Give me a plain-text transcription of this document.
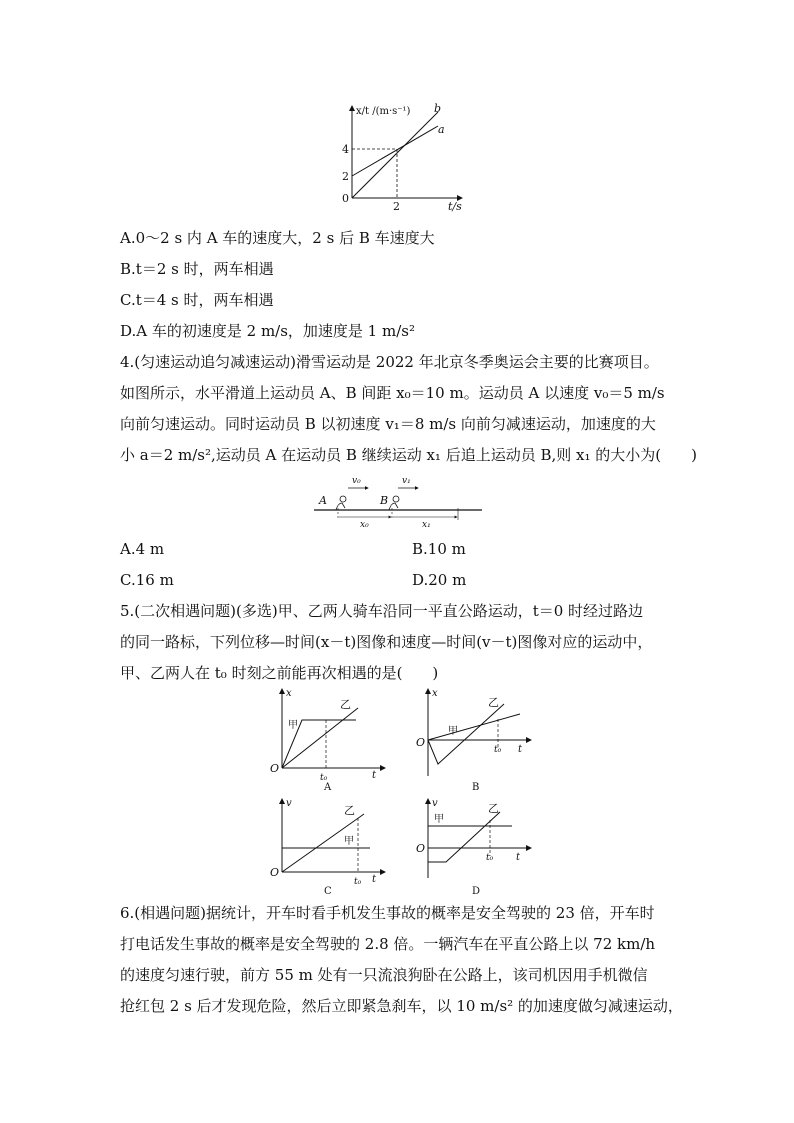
x/t /(m·s⁻¹)
t/s
0
2
4
2
b
a
A.0～2 s 内 A 车的速度大，2 s 后 B 车速度大
B.t＝2 s 时，两车相遇
C.t＝4 s 时，两车相遇
D.A 车的初速度是 2 m/s，加速度是 1 m/s²
4.(匀速运动追匀减速运动)滑雪运动是 2022 年北京冬季奥运会主要的比赛项目。
如图所示，水平滑道上运动员 A、B 间距 x₀＝10 m。运动员 A 以速度 v₀＝5 m/s
向前匀速运动。同时运动员 B 以初速度 v₁＝8 m/s 向前匀减速运动，加速度的大
小 a＝2 m/s²,运动员 A 在运动员 B 继续运动 x₁ 后追上运动员 B,则 x₁ 的大小为(　　)
v₀	v₁
A	B
x₀	x₁
A.4 m	B.10 m
C.16 m	D.20 m
5.(二次相遇问题)(多选)甲、乙两人骑车沿同一平直公路运动，t＝0 时经过路边
的同一路标，下列位移—时间(x－t)图像和速度—时间(v－t)图像对应的运动中，
甲、乙两人在 t₀ 时刻之前能再次相遇的是(　　)
x
甲
乙
O
t₀	t
A
x
甲
乙
O
t₀ t
B
v
甲
乙
O
t₀ t
C
v
甲
乙
O
t₀ t
D
6.(相遇问题)据统计，开车时看手机发生事故的概率是安全驾驶的 23 倍，开车时
打电话发生事故的概率是安全驾驶的 2.8 倍。一辆汽车在平直公路上以 72 km/h
的速度匀速行驶，前方 55 m 处有一只流浪狗卧在公路上，该司机因用手机微信
抢红包 2 s 后才发现危险，然后立即紧急刹车，以 10 m/s² 的加速度做匀减速运动，
